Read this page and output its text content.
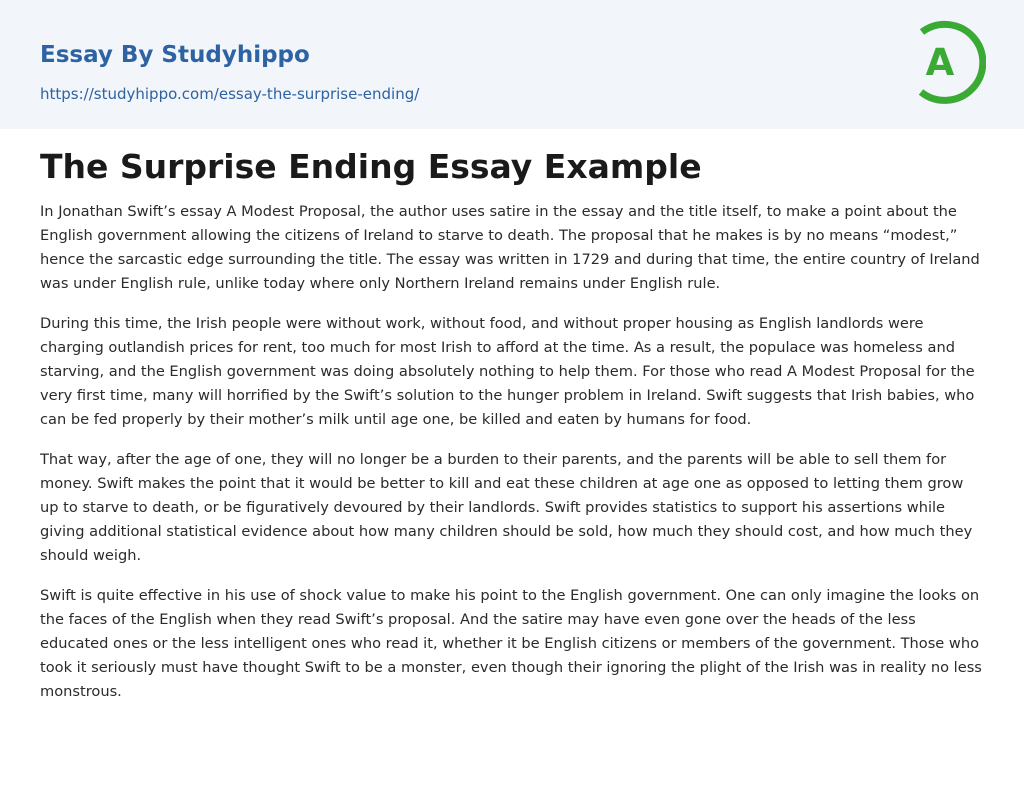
Essay By Studyhippo
https://studyhippo.com/essay-the-surprise-ending/
A
The Surprise Ending Essay Example

In Jonathan Swift’s essay A Modest Proposal, the author uses satire in the essay and the title itself, to make a point about the English government allowing the citizens of Ireland to starve to death. The proposal that he makes is by no means “modest,” hence the sarcastic edge surrounding the title. The essay was written in 1729 and during that time, the entire country of Ireland was under English rule, unlike today where only Northern Ireland remains under English rule.

During this time, the Irish people were without work, without food, and without proper housing as English landlords were charging outlandish prices for rent, too much for most Irish to afford at the time. As a result, the populace was homeless and starving, and the English government was doing absolutely nothing to help them. For those who read A Modest Proposal for the very first time, many will horrified by the Swift’s solution to the hunger problem in Ireland. Swift suggests that Irish babies, who can be fed properly by their mother’s milk until age one, be killed and eaten by humans for food.

That way, after the age of one, they will no longer be a burden to their parents, and the parents will be able to sell them for money. Swift makes the point that it would be better to kill and eat these children at age one as opposed to letting them grow up to starve to death, or be figuratively devoured by their landlords. Swift provides statistics to support his assertions while giving additional statistical evidence about how many children should be sold, how much they should cost, and how much they should weigh.

Swift is quite effective in his use of shock value to make his point to the English government. One can only imagine the looks on the faces of the English when they read Swift’s proposal. And the satire may have even gone over the heads of the less educated ones or the less intelligent ones who read it, whether it be English citizens or members of the government. Those who took it seriously must have thought Swift to be a monster, even though their ignoring the plight of the Irish was in reality no less monstrous.
